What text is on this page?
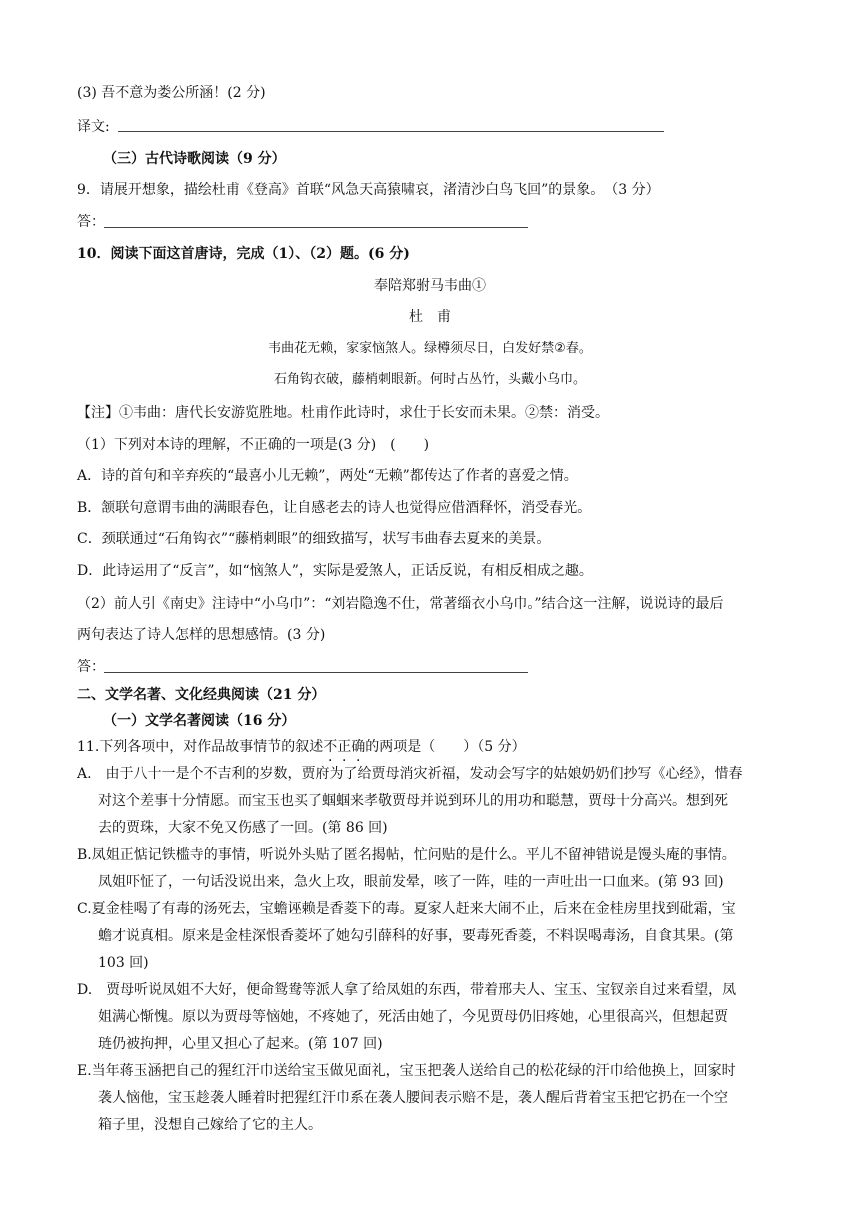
(3) 吾不意为娄公所涵！(2 分)
译文:
（三）古代诗歌阅读（9 分）
9．请展开想象，描绘杜甫《登高》首联“风急天高猿啸哀，渚清沙白鸟飞回”的景象。　（3 分）
答：
10．阅读下面这首唐诗，完成（1）、（2）题。(6 分)
奉陪郑驸马韦曲①
杜　甫
韦曲花无赖，家家恼煞人。绿樽须尽日，白发好禁②春。
石角钩衣破，藤梢刺眼新。何时占丛竹，头戴小乌巾。
【注】①韦曲：唐代长安游览胜地。杜甫作此诗时，求仕于长安而未果。②禁：消受。
（1）下列对本诗的理解，不正确的一项是(3 分)　(　　)
A．诗的首句和辛弃疾的“最喜小儿无赖”，两处“无赖”都传达了作者的喜爱之情。
B．颔联句意谓韦曲的满眼春色，让自感老去的诗人也觉得应借酒释怀，消受春光。
C．颈联通过“石角钩衣”“藤梢刺眼”的细致描写，状写韦曲春去夏来的美景。
D．此诗运用了“反言”，如“恼煞人”，实际是爱煞人，正话反说，有相反相成之趣。
（2）前人引《南史》注诗中“小乌巾”：“刘岩隐逸不仕，常著缁衣小乌巾。”结合这一注解，说说诗的最后
两句表达了诗人怎样的思想感情。(3 分)
答：
二、文学名著、文化经典阅读（21 分）
（一）文学名著阅读（16 分）
11.下列各项中，对作品故事情节的叙述不正确的两项是（　　）（5 分）
A.　由于八十一是个不吉利的岁数，贾府为了给贾母消灾祈福，发动会写字的姑娘奶奶们抄写《心经》，惜春
对这个差事十分情愿。而宝玉也买了蝈蝈来孝敬贾母并说到环儿的用功和聪慧，贾母十分高兴。想到死
去的贾珠，大家不免又伤感了一回。(第 86 回)
B.凤姐正惦记铁槛寺的事情，听说外头贴了匿名揭帖，忙问贴的是什么。平儿不留神错说是馒头庵的事情。
凤姐吓怔了，一句话没说出来，急火上攻，眼前发晕，咳了一阵，哇的一声吐出一口血来。(第 93 回)
C.夏金桂喝了有毒的汤死去，宝蟾诬赖是香菱下的毒。夏家人赶来大闹不止，后来在金桂房里找到砒霜，宝
蟾才说真相。原来是金桂深恨香菱坏了她勾引薛科的好事，要毒死香菱，不料误喝毒汤，自食其果。(第
103 回)
D.　贾母听说凤姐不大好，便命鸳鸯等派人拿了给凤姐的东西，带着邢夫人、宝玉、宝钗亲自过来看望，凤
姐满心惭愧。原以为贾母等恼她，不疼她了，死活由她了，今见贾母仍旧疼她，心里很高兴，但想起贾
琏仍被拘押，心里又担心了起来。(第 107 回)
E.当年蒋玉涵把自己的猩红汗巾送给宝玉做见面礼，宝玉把袭人送给自己的松花绿的汗巾给他换上，回家时
袭人恼他，宝玉趁袭人睡着时把猩红汗巾系在袭人腰间表示赔不是，袭人醒后背着宝玉把它扔在一个空
箱子里，没想自己嫁给了它的主人。
